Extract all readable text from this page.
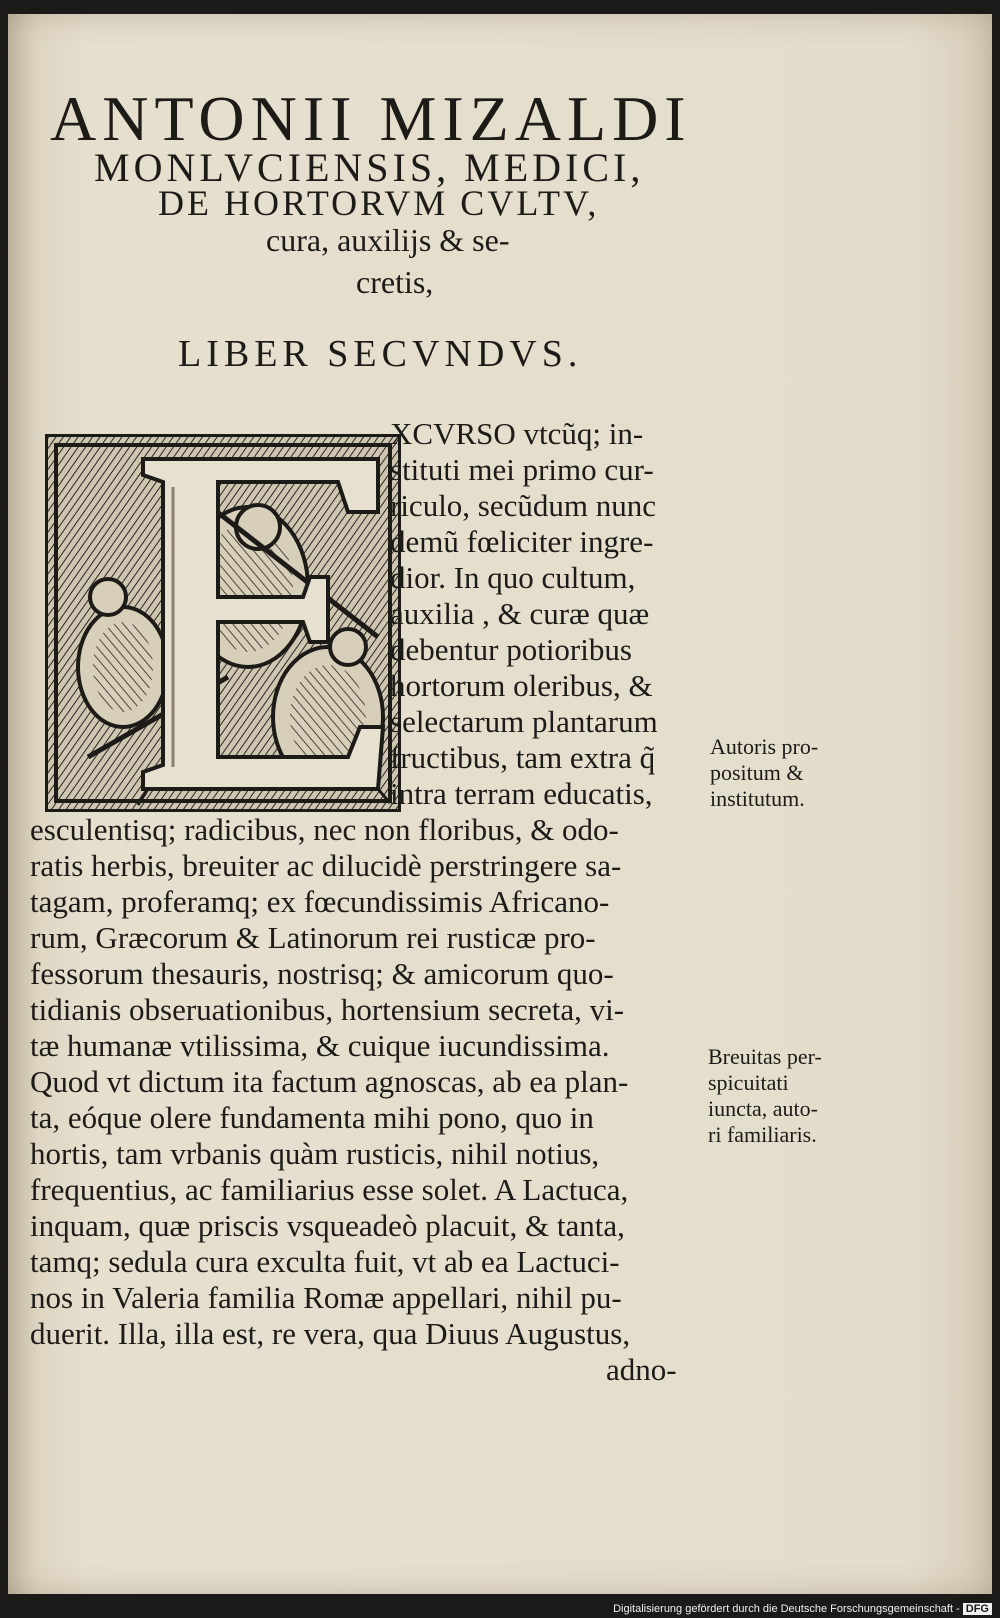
ANTONII MIZALDI
MONLVCIENSIS, MEDICI,
DE HORTORVM CVLTV,
cura, auxilijs & se-
cretis,
LIBER SECVNDVS.
XCVRSO vtcũq; in-
stituti mei primo cur-
riculo, secũdum nunc
demũ fœliciter ingre-
dior. In quo cultum,
auxilia , & curæ quæ
debentur potioribus
hortorum oleribus, &
selectarum plantarum
fructibus, tam extra q̃
intra terram educatis,
esculentisq; radicibus, nec non floribus, & odo-
ratis herbis, breuiter ac dilucidè perstringere sa-
tagam, proferamq; ex fœcundissimis Africano-
rum, Græcorum & Latinorum rei rusticæ pro-
fessorum thesauris, nostrisq; & amicorum quo-
tidianis obseruationibus, hortensium secreta, vi-
tæ humanæ vtilissima, & cuique iucundissima.
Quod vt dictum ita factum agnoscas, ab ea plan-
ta, eóque olere fundamenta mihi pono, quo in
hortis, tam vrbanis quàm rusticis, nihil notius,
frequentius, ac familiarius esse solet. A Lactuca,
inquam, quæ priscis vsqueadeò placuit, & tanta,
tamq; sedula cura exculta fuit, vt ab ea Lactuci-
nos in Valeria familia Romæ appellari, nihil pu-
duerit. Illa, illa est, re vera, qua Diuus Augustus,
adno-
Autoris pro-
positum &
institutum.
Breuitas per-
spicuitati
iuncta, auto-
ri familiaris.
Digitalisierung gefördert durch die Deutsche Forschungsgemeinschaft - DFG
